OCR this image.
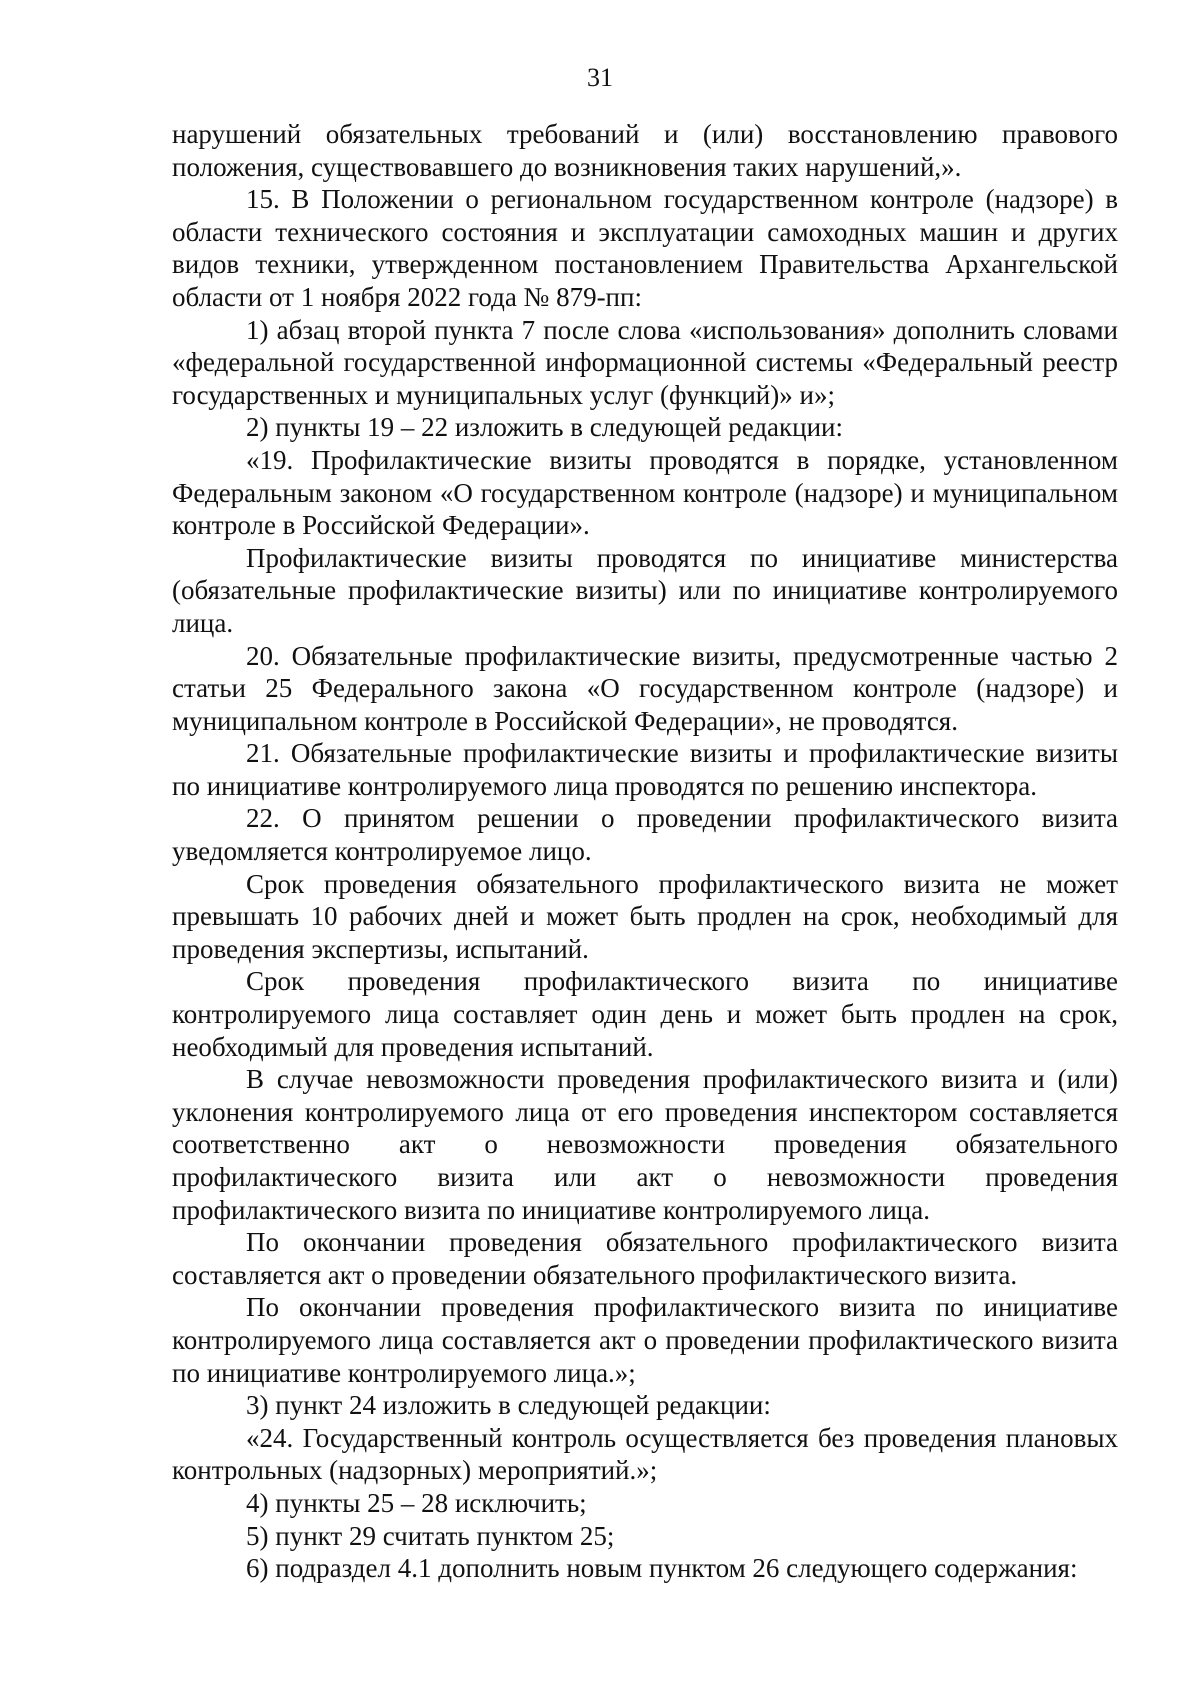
31

нарушений обязательных требований и (или) восстановлению правового положения, существовавшего до возникновения таких нарушений,».

15. В Положении о региональном государственном контроле (надзоре) в области технического состояния и эксплуатации самоходных машин и других видов техники, утвержденном постановлением Правительства Архангельской области от 1 ноября 2022 года № 879-пп:

1) абзац второй пункта 7 после слова «использования» дополнить словами «федеральной государственной информационной системы «Федеральный реестр государственных и муниципальных услуг (функций)» и»;

2) пункты 19 – 22 изложить в следующей редакции:

«19. Профилактические визиты проводятся в порядке, установленном Федеральным законом «О государственном контроле (надзоре) и муниципальном контроле в Российской Федерации».

Профилактические визиты проводятся по инициативе министерства (обязательные профилактические визиты) или по инициативе контролируемого лица.

20. Обязательные профилактические визиты, предусмотренные частью 2 статьи 25 Федерального закона «О государственном контроле (надзоре) и муниципальном контроле в Российской Федерации», не проводятся.

21. Обязательные профилактические визиты и профилактические визиты по инициативе контролируемого лица проводятся по решению инспектора.

22. О принятом решении о проведении профилактического визита уведомляется контролируемое лицо.

Срок проведения обязательного профилактического визита не может превышать 10 рабочих дней и может быть продлен на срок, необходимый для проведения экспертизы, испытаний.

Срок проведения профилактического визита по инициативе контролируемого лица составляет один день и может быть продлен на срок, необходимый для проведения испытаний.

В случае невозможности проведения профилактического визита и (или) уклонения контролируемого лица от его проведения инспектором составляется соответственно акт о невозможности проведения обязательного профилактического визита или акт о невозможности проведения профилактического визита по инициативе контролируемого лица.

По окончании проведения обязательного профилактического визита составляется акт о проведении обязательного профилактического визита.

По окончании проведения профилактического визита по инициативе контролируемого лица составляется акт о проведении профилактического визита по инициативе контролируемого лица.»;

3) пункт 24 изложить в следующей редакции:

«24. Государственный контроль осуществляется без проведения плановых контрольных (надзорных) мероприятий.»;

4) пункты 25 – 28 исключить;

5) пункт 29 считать пунктом 25;

6) подраздел 4.1 дополнить новым пунктом 26 следующего содержания:
